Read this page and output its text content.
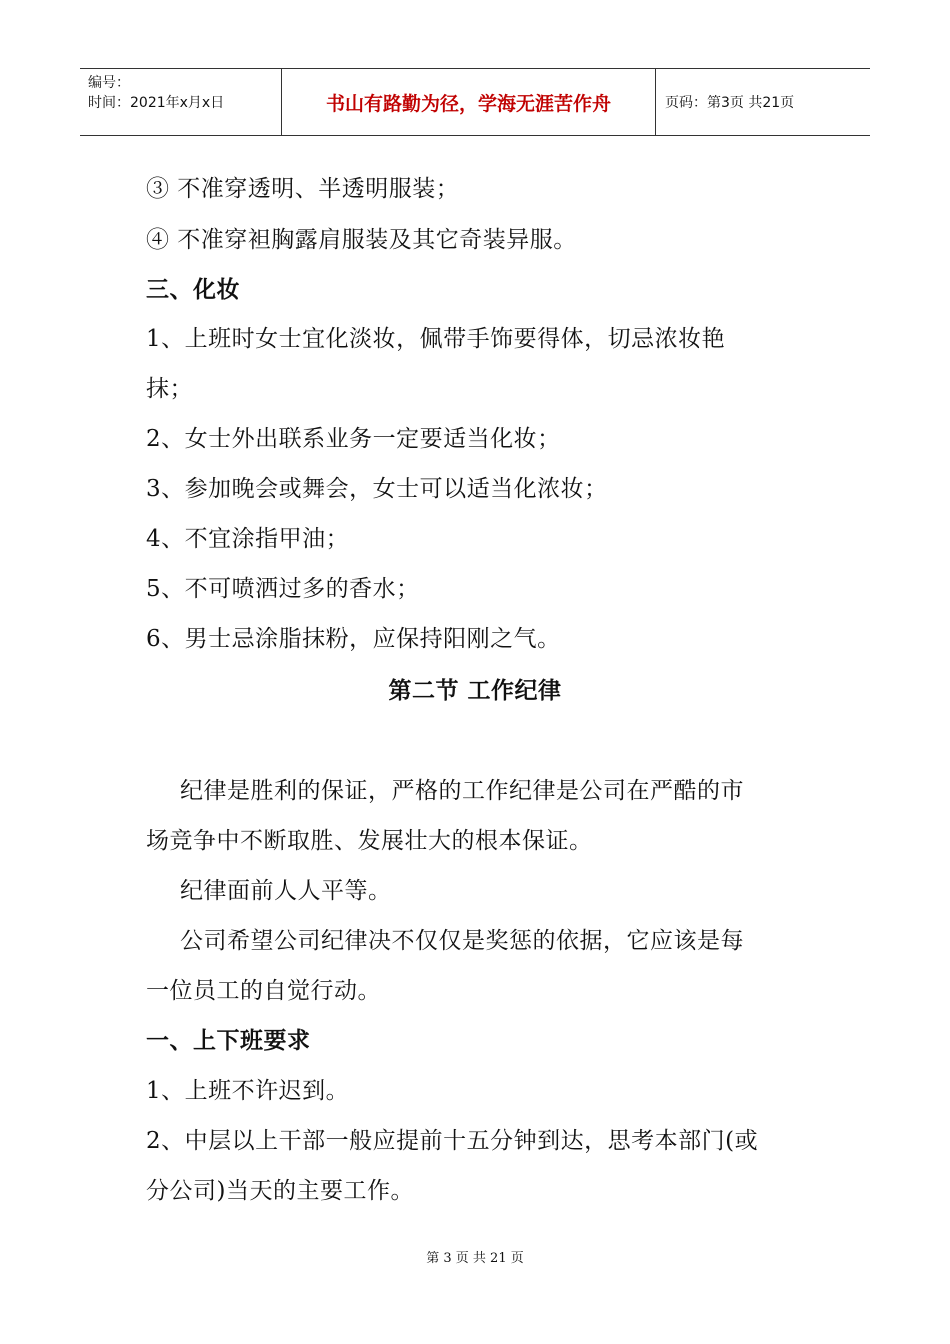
编号：
时间：2021年x月x日	书山有路勤为径，学海无涯苦作舟	页码：第3页 共21页
③ 不准穿透明、半透明服装；
④ 不准穿袒胸露肩服装及其它奇装异服。
三、化妆
1、上班时女士宜化淡妆，佩带手饰要得体，切忌浓妆艳
抹；
2、女士外出联系业务一定要适当化妆；
3、参加晚会或舞会，女士可以适当化浓妆；
4、不宜涂指甲油；
5、不可喷洒过多的香水；
6、男士忌涂脂抹粉，应保持阳刚之气。
第二节 工作纪律
纪律是胜利的保证，严格的工作纪律是公司在严酷的市
场竞争中不断取胜、发展壮大的根本保证。
纪律面前人人平等。
公司希望公司纪律决不仅仅是奖惩的依据，它应该是每
一位员工的自觉行动。
一、上下班要求
1、上班不许迟到。
2、中层以上干部一般应提前十五分钟到达，思考本部门(或
分公司)当天的主要工作。
第 3 页 共 21 页
